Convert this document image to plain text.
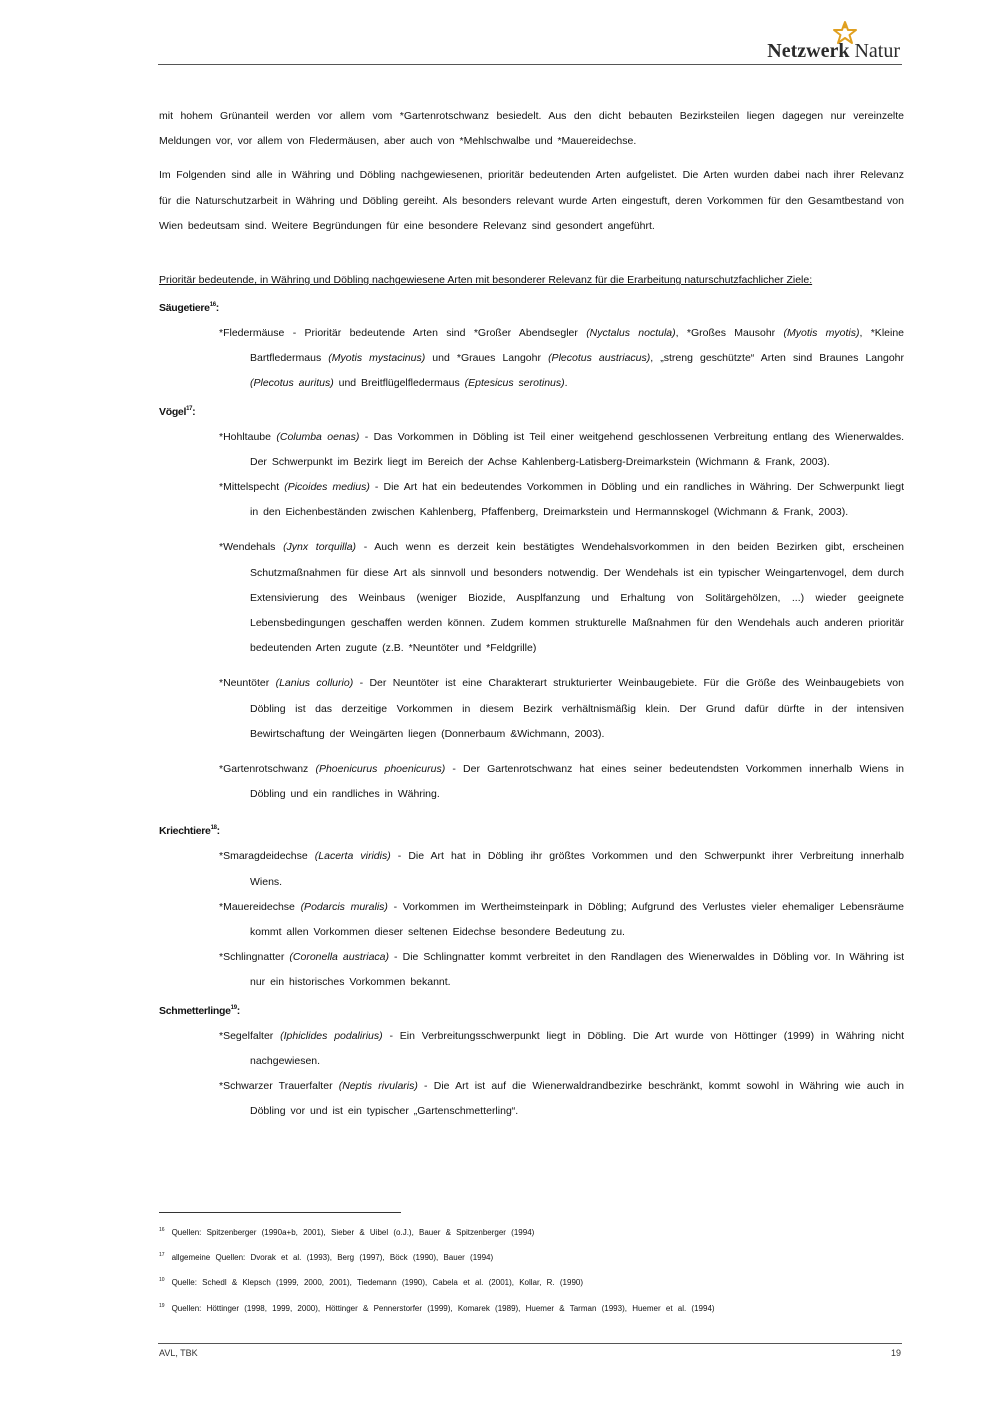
Netzwerk Natur

mit hohem Grünanteil werden vor allem vom *Gartenrotschwanz besiedelt. Aus den dicht bebauten Bezirksteilen liegen dagegen nur vereinzelte Meldungen vor, vor allem von Fledermäusen, aber auch von *Mehlschwalbe und *Mauereidechse.

Im Folgenden sind alle in Währing und Döbling nachgewiesenen, prioritär bedeutenden Arten aufgelistet. Die Arten wurden dabei nach ihrer Relevanz für die Naturschutzarbeit in Währing und Döbling gereiht. Als besonders relevant wurde Arten eingestuft, deren Vorkommen für den Gesamtbestand von Wien bedeutsam sind. Weitere Begründungen für eine besondere Relevanz sind gesondert angeführt.

Prioritär bedeutende, in Währing und Döbling nachgewiesene Arten mit besonderer Relevanz für die Erarbeitung naturschutzfachlicher Ziele:

Säugetiere$^{16}$:

*Fledermäuse - Prioritär bedeutende Arten sind *Großer Abendsegler (Nyctalus noctula), *Großes Mausohr (Myotis myotis), *Kleine Bartfledermaus (Myotis mystacinus) und *Graues Langohr (Plecotus austriacus), „streng geschützte“ Arten sind Braunes Langohr (Plecotus auritus) und Breitflügelfledermaus (Eptesicus serotinus).

Vögel$^{17}$:

*Hohltaube (Columba oenas) - Das Vorkommen in Döbling ist Teil einer weitgehend geschlossenen Verbreitung entlang des Wienerwaldes. Der Schwerpunkt im Bezirk liegt im Bereich der Achse Kahlenberg-Latisberg-Dreimarkstein (Wichmann & Frank, 2003).

*Mittelspecht (Picoides medius) - Die Art hat ein bedeutendes Vorkommen in Döbling und ein randliches in Währing. Der Schwerpunkt liegt in den Eichenbeständen zwischen Kahlenberg, Pfaffenberg, Dreimarkstein und Hermannskogel (Wichmann & Frank, 2003).

*Wendehals (Jynx torquilla) - Auch wenn es derzeit kein bestätigtes Wendehalsvorkommen in den beiden Bezirken gibt, erscheinen Schutzmaßnahmen für diese Art als sinnvoll und besonders notwendig. Der Wendehals ist ein typischer Weingartenvogel, dem durch Extensivierung des Weinbaus (weniger Biozide, Ausplfanzung und Erhaltung von Solitärgehölzen, ...) wieder geeignete Lebensbedingungen geschaffen werden können. Zudem kommen strukturelle Maßnahmen für den Wendehals auch anderen prioritär bedeutenden Arten zugute (z.B. *Neuntöter und *Feldgrille)

*Neuntöter (Lanius collurio) - Der Neuntöter ist eine Charakterart strukturierter Weinbaugebiete. Für die Größe des Weinbaugebiets von Döbling ist das derzeitige Vorkommen in diesem Bezirk verhältnismäßig klein. Der Grund dafür dürfte in der intensiven Bewirtschaftung der Weingärten liegen (Donnerbaum &Wichmann, 2003).

*Gartenrotschwanz (Phoenicurus phoenicurus) - Der Gartenrotschwanz hat eines seiner bedeutendsten Vorkommen innerhalb Wiens in Döbling und ein randliches in Währing.

Kriechtiere$^{18}$:

*Smaragdeidechse (Lacerta viridis) - Die Art hat in Döbling ihr größtes Vorkommen und den Schwerpunkt ihrer Verbreitung innerhalb Wiens.

*Mauereidechse (Podarcis muralis) - Vorkommen im Wertheimsteinpark in Döbling; Aufgrund des Verlustes vieler ehemaliger Lebensräume kommt allen Vorkommen dieser seltenen Eidechse besondere Bedeutung zu.

*Schlingnatter (Coronella austriaca) - Die Schlingnatter kommt verbreitet in den Randlagen des Wienerwaldes in Döbling vor. In Währing ist nur ein historisches Vorkommen bekannt.

Schmetterlinge$^{19}$:

*Segelfalter (Iphiclides podalirius) - Ein Verbreitungsschwerpunkt liegt in Döbling. Die Art wurde von Höttinger (1999) in Währing nicht nachgewiesen.

*Schwarzer Trauerfalter (Neptis rivularis) - Die Art ist auf die Wienerwaldrandbezirke beschränkt, kommt sowohl in Währing wie auch in Döbling vor und ist ein typischer „Gartenschmetterling“.

$^{16}$ Quellen: Spitzenberger (1990a+b, 2001), Sieber & Uibel (o.J.), Bauer & Spitzenberger (1994)

$^{17}$ allgemeine Quellen: Dvorak et al. (1993), Berg (1997), Böck (1990), Bauer (1994)

$^{10}$ Quelle: Schedl & Klepsch (1999, 2000, 2001), Tiedemann (1990), Cabela et al. (2001), Kollar, R. (1990)

$^{19}$ Quellen: Höttinger (1998, 1999, 2000), Höttinger & Pennerstorfer (1999), Komarek (1989), Huemer & Tarman (1993), Huemer et al. (1994)

AVL, TBK	19
